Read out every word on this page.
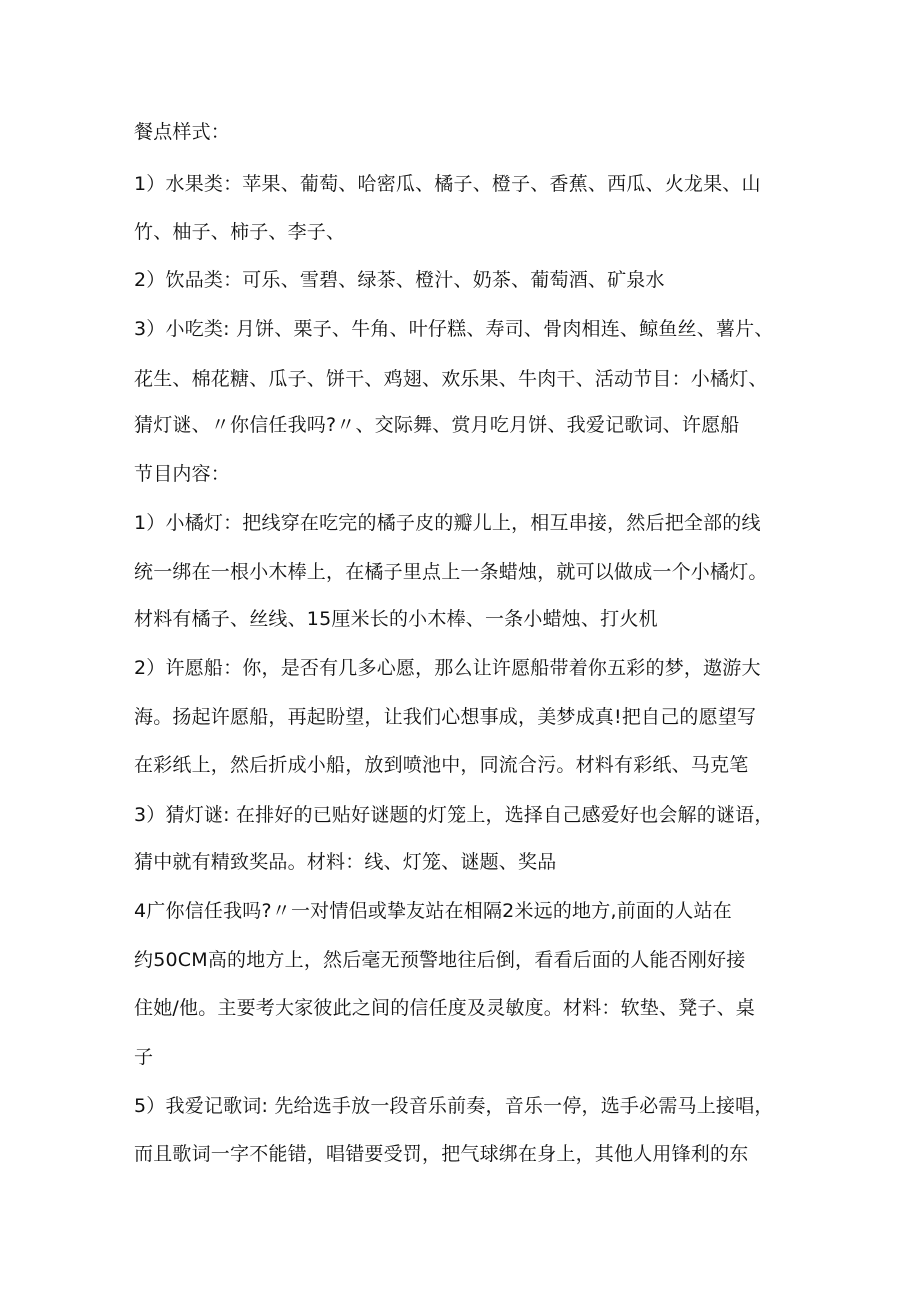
餐点样式：
1）水果类：苹果、葡萄、哈密瓜、橘子、橙子、香蕉、西瓜、火龙果、山
竹、柚子、柿子、李子、
2）饮品类：可乐、雪碧、绿茶、橙汁、奶茶、葡萄酒、矿泉水
3）小吃类: 月饼、栗子、牛角、叶仔糕、寿司、骨肉相连、鲸鱼丝、薯片、
花生、棉花糖、瓜子、饼干、鸡翅、欢乐果、牛肉干、活动节目：小橘灯、
猜灯谜、〃你信任我吗?〃、交际舞、赏月吃月饼、我爱记歌词、许愿船
节目内容：
1）小橘灯：把线穿在吃完的橘子皮的瓣儿上，相互串接，然后把全部的线
统一绑在一根小木棒上，在橘子里点上一条蜡烛，就可以做成一个小橘灯。
材料有橘子、丝线、15厘米长的小木棒、一条小蜡烛、打火机
2）许愿船：你，是否有几多心愿，那么让许愿船带着你五彩的梦，遨游大
海。扬起许愿船，再起盼望，让我们心想事成，美梦成真!把自己的愿望写
在彩纸上，然后折成小船，放到喷池中，同流合污。材料有彩纸、马克笔
3）猜灯谜: 在排好的已贴好谜题的灯笼上，选择自己感爱好也会解的谜语，
猜中就有精致奖品。材料：线、灯笼、谜题、奖品
4广你信任我吗?〃一对情侣或挚友站在相隔2米远的地方,前面的人站在
约50CM高的地方上，然后毫无预警地往后倒，看看后面的人能否刚好接
住她/他。主要考大家彼此之间的信任度及灵敏度。材料：软垫、凳子、桌
子
5）我爱记歌词: 先给选手放一段音乐前奏，音乐一停，选手必需马上接唱，
而且歌词一字不能错，唱错要受罚，把气球绑在身上，其他人用锋利的东
